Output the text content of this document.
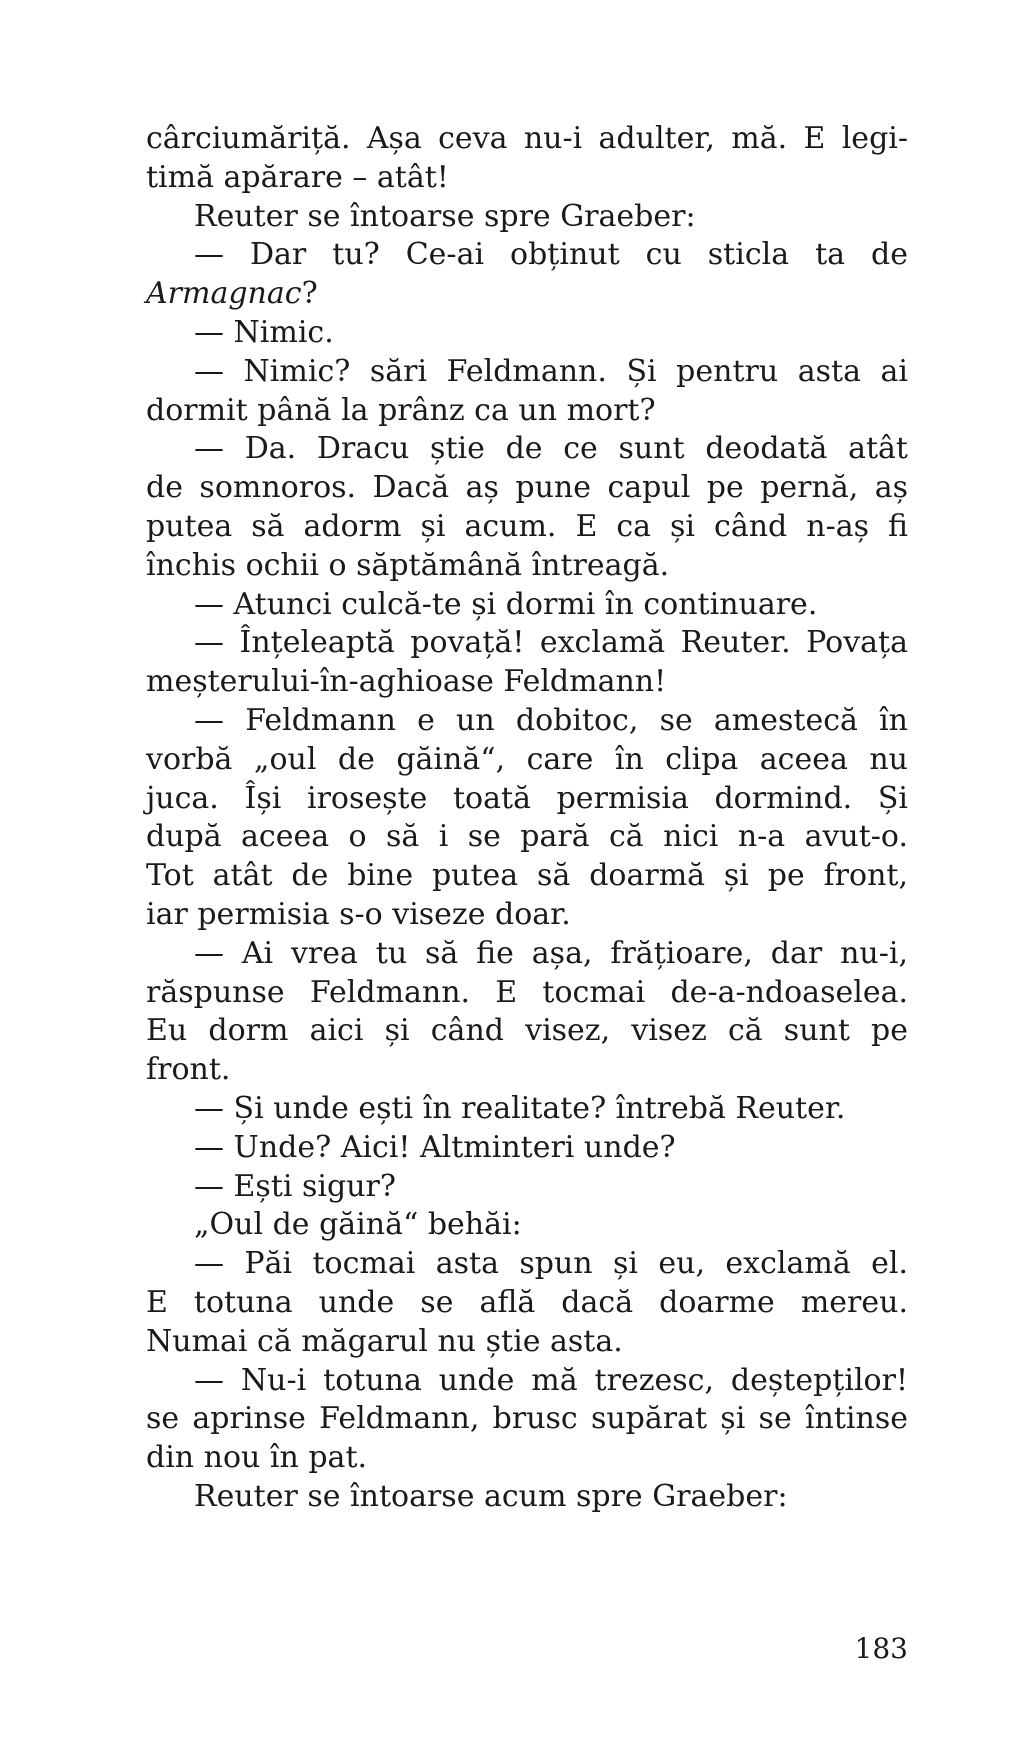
cârciumăriță. Așa ceva nu-i adulter, mă. E legi-
timă apărare – atât!
Reuter se întoarse spre Graeber:
— Dar tu? Ce-ai obținut cu sticla ta de
Armagnac?
— Nimic.
— Nimic? sări Feldmann. Și pentru asta ai
dormit până la prânz ca un mort?
— Da. Dracu știe de ce sunt deodată atât
de somnoros. Dacă aș pune capul pe pernă, aș
putea să adorm și acum. E ca și când n-aș fi
închis ochii o săptămână întreagă.
— Atunci culcă-te și dormi în continuare.
— Înțeleaptă povață! exclamă Reuter. Povața
meșterului-în-aghioase Feldmann!
— Feldmann e un dobitoc, se amestecă în
vorbă „oul de găină“, care în clipa aceea nu
juca. Își irosește toată permisia dormind. Și
după aceea o să i se pară că nici n-a avut-o.
Tot atât de bine putea să doarmă și pe front,
iar permisia s-o viseze doar.
— Ai vrea tu să fie așa, frățioare, dar nu-i,
răspunse Feldmann. E tocmai de-a-ndoaselea.
Eu dorm aici și când visez, visez că sunt pe
front.
— Și unde ești în realitate? întrebă Reuter.
— Unde? Aici! Altminteri unde?
— Ești sigur?
„Oul de găină“ behăi:
— Păi tocmai asta spun și eu, exclamă el.
E totuna unde se află dacă doarme mereu.
Numai că măgarul nu știe asta.
— Nu-i totuna unde mă trezesc, deștepților!
se aprinse Feldmann, brusc supărat și se întinse
din nou în pat.
Reuter se întoarse acum spre Graeber:
183
